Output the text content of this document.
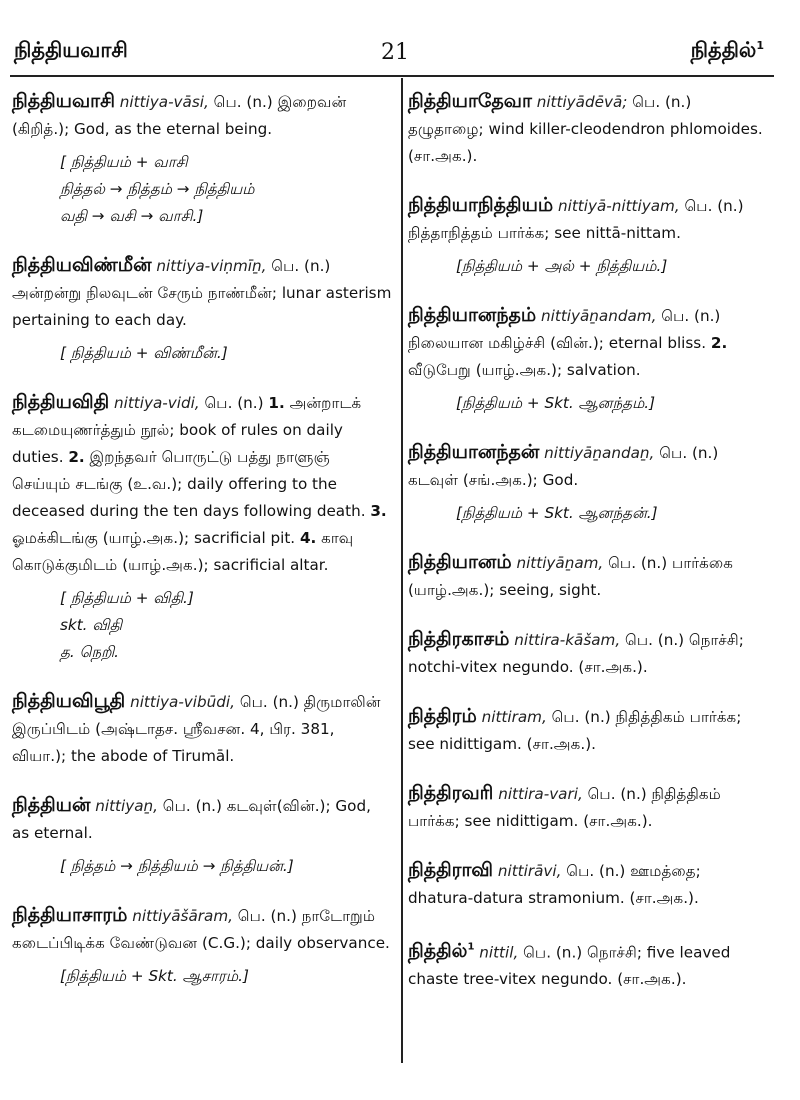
நித்தியவாசி	21	நித்தில்$^1$
நித்தியவாசி nittiya-vāsi, பெ. (n.) இறைவன் (கிறித்.); God, as the eternal being.
[ நித்தியம் + வாசி
நித்தல் → நித்தம் → நித்தியம்
வதி → வசி → வாசி.]
நித்தியவிண்மீன் nittiya-viṇmīṉ, பெ. (n.) அன்றன்று நிலவுடன் சேரும் நாண்மீன்; lunar asterism pertaining to each day.
[ நித்தியம் + விண்மீன்.]
நித்தியவிதி nittiya-vidi, பெ. (n.) 1. அன்றாடக் கடமையுணர்த்தும் நூல்; book of rules on daily duties. 2. இறந்தவர் பொருட்டு பத்து நாளுஞ் செய்யும் சடங்கு (உ.வ.); daily offering to the deceased during the ten days following death. 3. ஓமக்கிடங்கு (யாழ்.அக.); sacrificial pit. 4. காவு கொடுக்குமிடம் (யாழ்.அக.); sacrificial altar.
[ நித்தியம் + விதி.]
skt. விதி
த. நெறி.
நித்தியவிபூதி nittiya-vibūdi, பெ. (n.) திருமாலின் இருப்பிடம் (அஷ்டாதச. ஸ்ரீவசன. 4, பிர. 381, வியா.); the abode of Tirumāl.
நித்தியன் nittiyaṉ, பெ. (n.) கடவுள்(வின்.); God, as eternal.
[ நித்தம் → நித்தியம் → நித்தியன்.]
நித்தியாசாரம் nittiyāšāram, பெ. (n.) நாடோறும் கடைப்பிடிக்க வேண்டுவன (C.G.); daily observance.
[நித்தியம் + Skt. ஆசாரம்.]
நித்தியாதேவா nittiyādēvā; பெ. (n.) தழுதாழை; wind killer-cleodendron phlomoides. (சா.அக.).
நித்தியாநித்தியம் nittiyā-nittiyam, பெ. (n.) நித்தாநித்தம் பார்க்க; see nittā-nittam.
[நித்தியம் + அல் + நித்தியம்.]
நித்தியானந்தம் nittiyāṉandam, பெ. (n.) நிலையான மகிழ்ச்சி (வின்.); eternal bliss. 2. வீடுபேறு (யாழ்.அக.); salvation.
[நித்தியம் + Skt. ஆனந்தம்.]
நித்தியானந்தன் nittiyāṉandaṉ, பெ. (n.) கடவுள் (சங்.அக.); God.
[நித்தியம் + Skt. ஆனந்தன்.]
நித்தியானம் nittiyāṉam, பெ. (n.) பார்க்கை (யாழ்.அக.); seeing, sight.
நித்திரகாசம் nittira-kāšam, பெ. (n.) நொச்சி; notchi-vitex negundo. (சா.அக.).
நித்திரம் nittiram, பெ. (n.) நிதித்திகம் பார்க்க; see nidittigam. (சா.அக.).
நித்திரவரி nittira-vari, பெ. (n.) நிதித்திகம் பார்க்க; see nidittigam. (சா.அக.).
நித்திராவி nittirāvi, பெ. (n.) ஊமத்தை; dhatura-datura stramonium. (சா.அக.).
நித்தில்$^1$ nittil, பெ. (n.) நொச்சி; five leaved chaste tree-vitex negundo. (சா.அக.).
